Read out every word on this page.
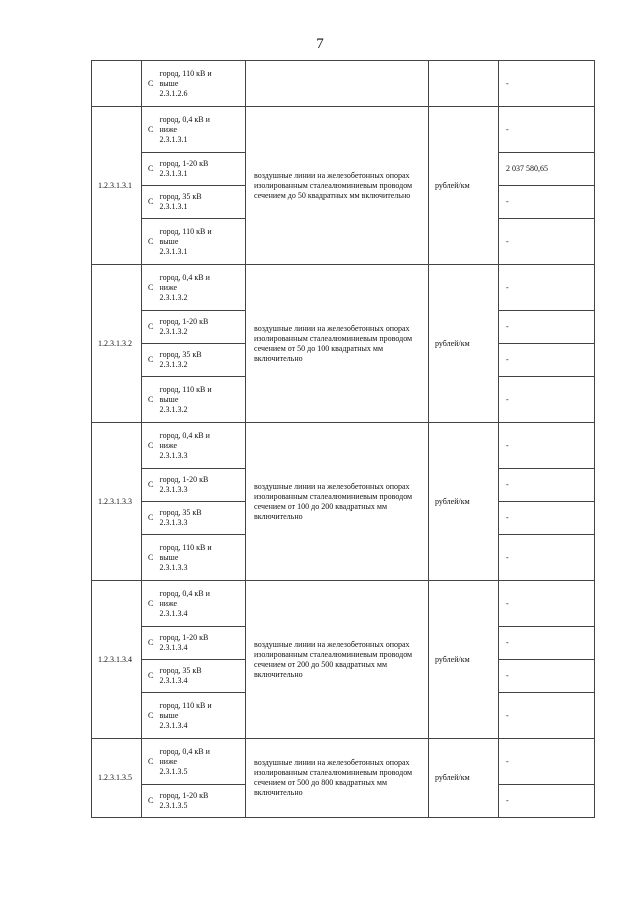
7
	С	город, 110 кВ и
выше
2.3.1.2.6			-
1.2.3.1.3.1	С	город, 0,4 кВ и
ниже
2.3.1.3.1	воздушные линии на железобетонных опорах изолированным сталеалюминиевым проводом сечением до 50 квадратных мм включительно	рублей/км	-
	С	город, 1-20 кВ
2.3.1.3.1			2 037 580,65
	С	город, 35 кВ
2.3.1.3.1			-
	С	город, 110 кВ и
выше
2.3.1.3.1			-
1.2.3.1.3.2	С	город, 0,4 кВ и
ниже
2.3.1.3.2	воздушные линии на железобетонных опорах изолированным сталеалюминиевым проводом сечением от 50 до 100 квадратных мм включительно	рублей/км	-
	С	город, 1-20 кВ
2.3.1.3.2			-
	С	город, 35 кВ
2.3.1.3.2			-
	С	город, 110 кВ и
выше
2.3.1.3.2			-
1.2.3.1.3.3	С	город, 0,4 кВ и
ниже
2.3.1.3.3	воздушные линии на железобетонных опорах изолированным сталеалюминиевым проводом сечением от 100 до 200 квадратных мм включительно	рублей/км	-
	С	город, 1-20 кВ
2.3.1.3.3			-
	С	город, 35 кВ
2.3.1.3.3			-
	С	город, 110 кВ и
выше
2.3.1.3.3			-
1.2.3.1.3.4	С	город, 0,4 кВ и
ниже
2.3.1.3.4	воздушные линии на железобетонных опорах изолированным сталеалюминиевым проводом сечением от 200 до 500 квадратных мм включительно	рублей/км	-
	С	город, 1-20 кВ
2.3.1.3.4			-
	С	город, 35 кВ
2.3.1.3.4			-
	С	город, 110 кВ и
выше
2.3.1.3.4			-
1.2.3.1.3.5	С	город, 0,4 кВ и
ниже
2.3.1.3.5	воздушные линии на железобетонных опорах изолированным сталеалюминиевым проводом сечением от 500 до 800 квадратных мм включительно	рублей/км	-
	С	город, 1-20 кВ
2.3.1.3.5			-
